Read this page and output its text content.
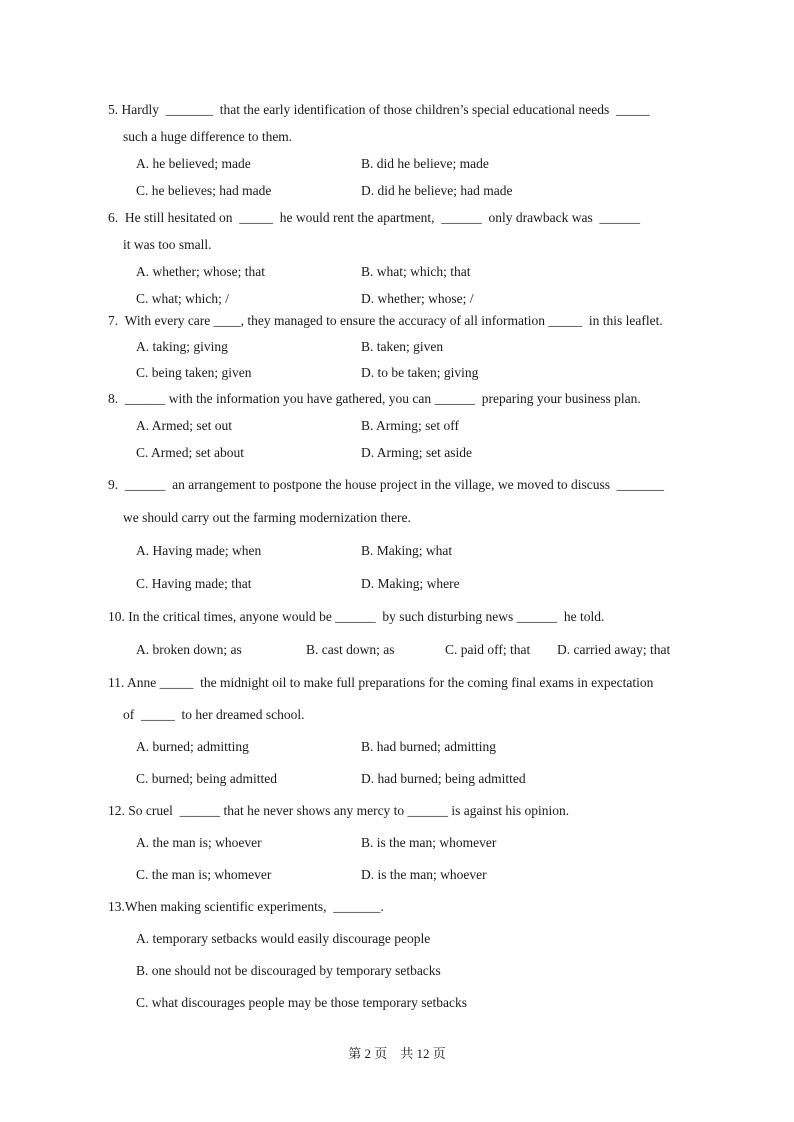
5. Hardly  _______  that the early identification of those children’s special educational needs  _____
such a huge difference to them.
A. he believed; made	B. did he believe; made
C. he believes; had made	D. did he believe; had made
6.  He still hesitated on  _____  he would rent the apartment,  ______  only drawback was  ______
it was too small.
A. whether; whose; that	B. what; which; that
C. what; which; /	D. whether; whose; /
7.  With every care ____, they managed to ensure the accuracy of all information _____  in this leaflet.
A. taking; giving	B. taken; given
C. being taken; given	D. to be taken; giving
8.  ______ with the information you have gathered, you can ______  preparing your business plan.
A. Armed; set out	B. Arming; set off
C. Armed; set about	D. Arming; set aside
9.  ______  an arrangement to postpone the house project in the village, we moved to discuss  _______
we should carry out the farming modernization there.
A. Having made; when	B. Making; what
C. Having made; that	D. Making; where
10. In the critical times, anyone would be ______  by such disturbing news ______  he told.
A. broken down; as	B. cast down; as	C. paid off; that D. carried away; that
11. Anne _____  the midnight oil to make full preparations for the coming final exams in expectation
of  _____  to her dreamed school.
A. burned; admitting	B. had burned; admitting
C. burned; being admitted	D. had burned; being admitted
12. So cruel  ______ that he never shows any mercy to ______ is against his opinion.
A. the man is; whoever	B. is the man; whomever
C. the man is; whomever	D. is the man; whoever
13.When making scientific experiments,  _______.
A. temporary setbacks would easily discourage people
B. one should not be discouraged by temporary setbacks
C. what discourages people may be those temporary setbacks
第 2 页    共 12 页
